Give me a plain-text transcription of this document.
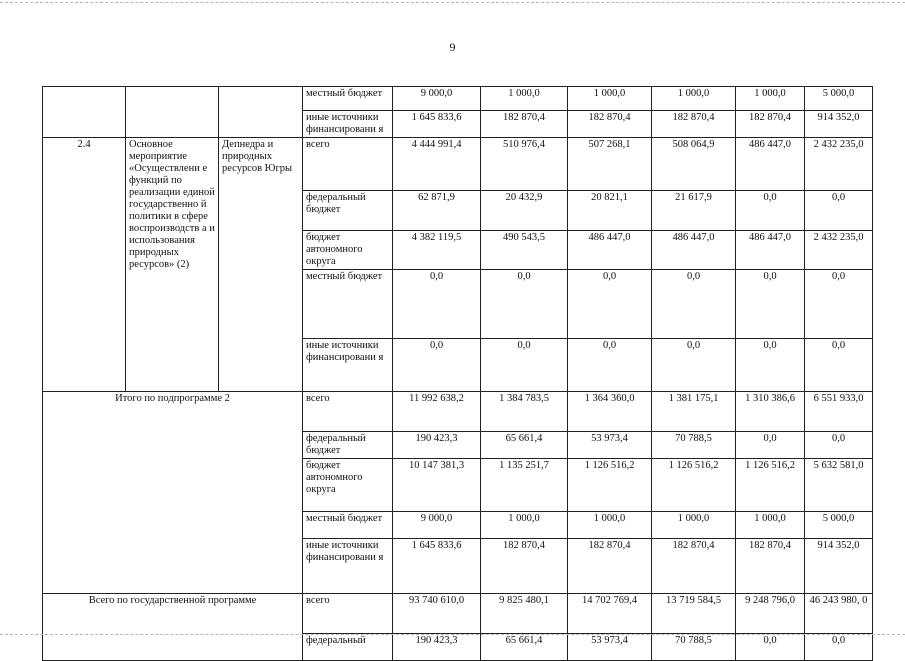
9
			местный бюджет	9 000,0	1 000,0	1 000,0	1 000,0	1 000,0	5 000,0
			иные источники финансировани я	1 645 833,6	182 870,4	182 870,4	182 870,4	182 870,4	914 352,0
2.4	Основное мероприятие «Осуществлени е функций по реализации единой государственно й политики в сфере воспроизводств а и использования природных ресурсов» (2)	Депнедра и природных ресурсов Югры	всего	4 444 991,4	510 976,4	507 268,1	508 064,9	486 447,0	2 432 235,0
			федеральный бюджет	62 871,9	20 432,9	20 821,1	21 617,9	0,0	0,0
			бюджет автономного округа	4 382 119,5	490 543,5	486 447,0	486 447,0	486 447,0	2 432 235,0
			местный бюджет	0,0	0,0	0,0	0,0	0,0	0,0
			иные источники финансировани я	0,0	0,0	0,0	0,0	0,0	0,0
Итого по подпрограмме 2			всего	11 992 638,2	1 384 783,5	1 364 360,0	1 381 175,1	1 310 386,6	6 551 933,0
			федеральный бюджет	190 423,3	65 661,4	53 973,4	70 788,5	0,0	0,0
			бюджет автономного округа	10 147 381,3	1 135 251,7	1 126 516,2	1 126 516,2	1 126 516,2	5 632 581,0
			местный бюджет	9 000,0	1 000,0	1 000,0	1 000,0	1 000,0	5 000,0
			иные источники финансировани я	1 645 833,6	182 870,4	182 870,4	182 870,4	182 870,4	914 352,0
Всего по государственной программе			всего	93 740 610,0	9 825 480,1	14 702 769,4	13 719 584,5	9 248 796,0	46 243 980, 0
			федеральный	190 423,3	65 661,4	53 973,4	70 788,5	0,0	0,0
